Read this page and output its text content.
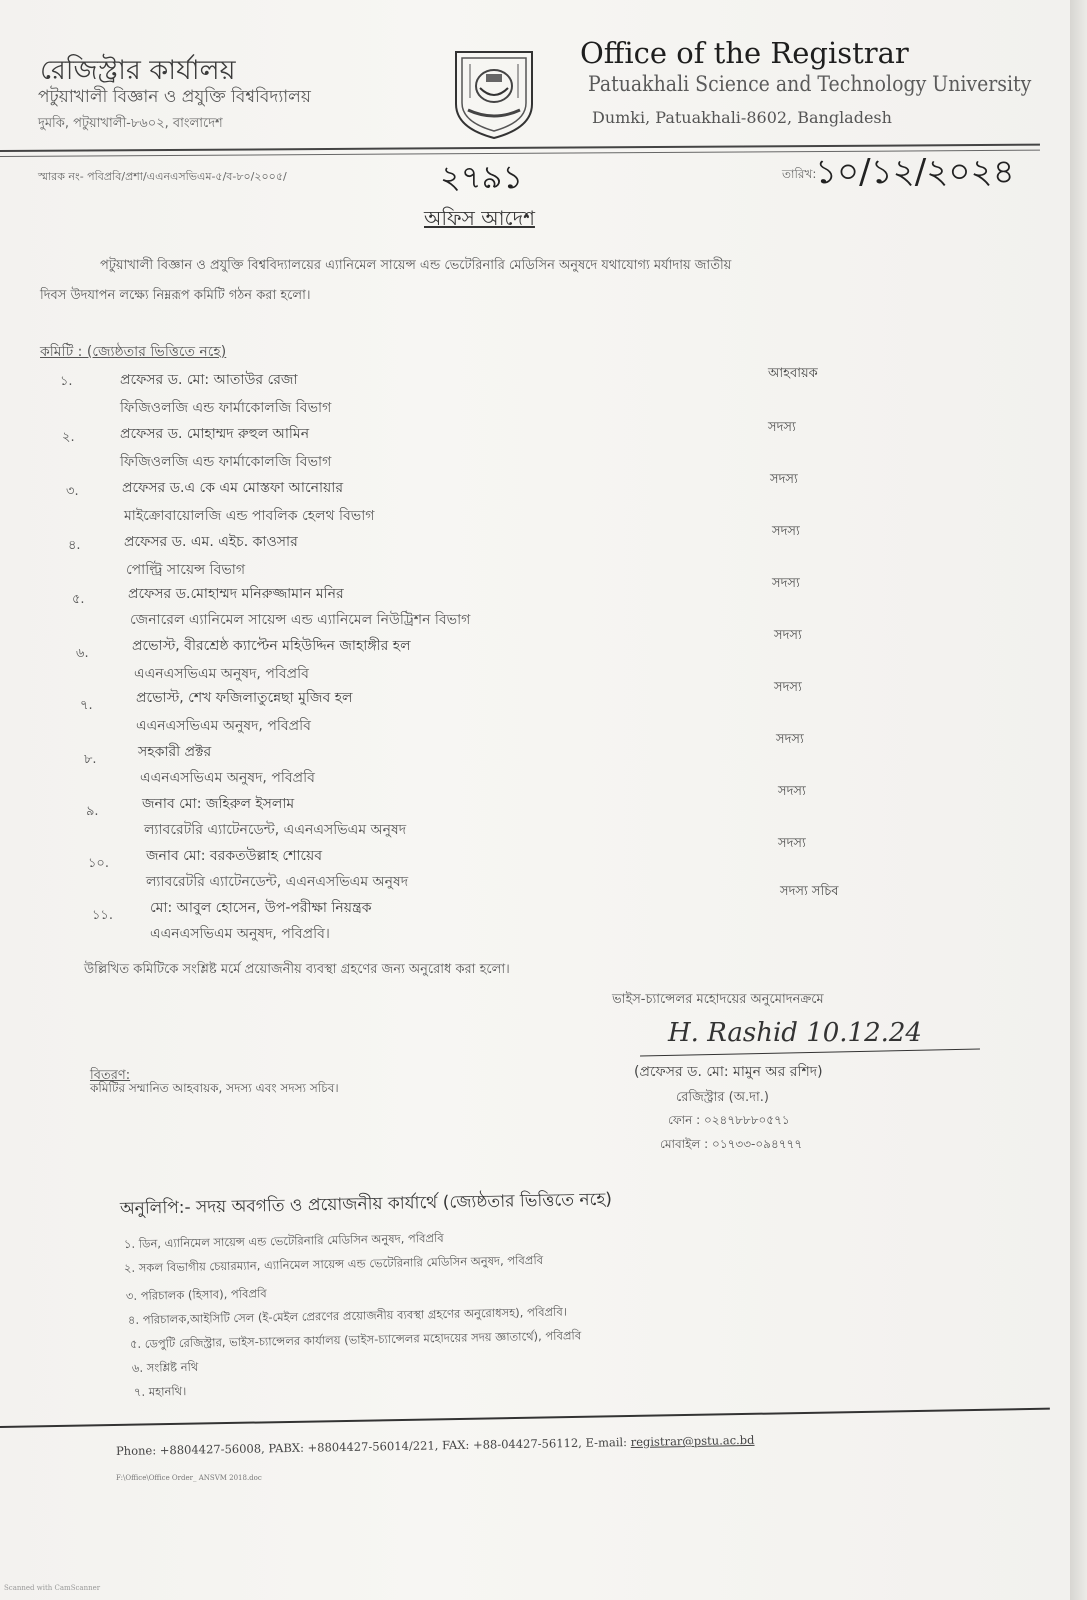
রেজিস্ট্রার কার্যালয়
পটুয়াখালী বিজ্ঞান ও প্রযুক্তি বিশ্ববিদ্যালয়
দুমকি, পটুয়াখালী-৮৬০২, বাংলাদেশ
Office of the Registrar
Patuakhali Science and Technology University
Dumki, Patuakhali-8602, Bangladesh
স্মারক নং- পবিপ্রবি/প্রশা/এএনএসভিএম-৫/ব-৮০/২০০৫/	২৭৯১	তারিখ:
১০/১২/২০২৪
অফিস আদেশ
পটুয়াখালী বিজ্ঞান ও প্রযুক্তি বিশ্ববিদ্যালয়ের এ্যানিমেল সায়েন্স এন্ড ভেটেরিনারি মেডিসিন অনুষদে যথাযোগ্য মর্যাদায় জাতীয়
দিবস উদযাপন লক্ষ্যে নিম্নরূপ কমিটি গঠন করা হলো।
কমিটি : (জ্যেষ্ঠতার ভিত্তিতে নহে)
১.	প্রফেসর ড. মো: আতাউর রেজা
ফিজিওলজি এন্ড ফার্মাকোলজি বিভাগ
আহবায়ক
২.	প্রফেসর ড. মোহাম্মদ রুহুল আমিন
ফিজিওলজি এন্ড ফার্মাকোলজি বিভাগ
সদস্য
৩.	প্রফেসর ড.এ কে এম মোস্তফা আনোয়ার
মাইক্রোবায়োলজি এন্ড পাবলিক হেলথ বিভাগ
সদস্য
৪.	প্রফেসর ড. এম. এইচ. কাওসার
পোল্ট্রি সায়েন্স বিভাগ
সদস্য
৫.	প্রফেসর ড.মোহাম্মদ মনিরুজ্জামান মনির
জেনারেল এ্যানিমেল সায়েন্স এন্ড এ্যানিমেল নিউট্রিশন বিভাগ
সদস্য
৬.	প্রভোস্ট, বীরশ্রেষ্ঠ ক্যাপ্টেন মহিউদ্দিন জাহাঙ্গীর হল
এএনএসভিএম অনুষদ, পবিপ্রবি
সদস্য
৭.	প্রভোস্ট, শেখ ফজিলাতুন্নেছা মুজিব হল
এএনএসভিএম অনুষদ, পবিপ্রবি
সদস্য
৮.	সহকারী প্রক্টর
এএনএসভিএম অনুষদ, পবিপ্রবি
সদস্য
৯.	জনাব মো: জহিরুল ইসলাম
ল্যাবরেটরি এ্যাটেনডেন্ট, এএনএসভিএম অনুষদ
সদস্য
১০.	জনাব মো: বরকতউল্লাহ শোয়েব
ল্যাবরেটরি এ্যাটেনডেন্ট, এএনএসভিএম অনুষদ
সদস্য
১১.	মো: আবুল হোসেন, উপ-পরীক্ষা নিয়ন্ত্রক
এএনএসভিএম অনুষদ, পবিপ্রবি।
সদস্য সচিব
উল্লিখিত কমিটিকে সংশ্লিষ্ট মর্মে প্রয়োজনীয় ব্যবস্থা গ্রহণের জন্য অনুরোধ করা হলো।
ভাইস-চ্যান্সেলর মহোদয়ের অনুমোদনক্রমে
H. Rashid 10.12.24
(প্রফেসর ড. মো: মামুন অর রশিদ)
রেজিস্ট্রার (অ.দা.)
ফোন : ০২৪৭৮৮৮০৫৭১
মোবাইল : ০১৭৩৩-০৯৪৭৭৭
বিতরণ:
কমিটির সম্মানিত আহবায়ক, সদস্য এবং সদস্য সচিব।
অনুলিপি:- সদয় অবগতি ও প্রয়োজনীয় কার্যার্থে (জ্যেষ্ঠতার ভিত্তিতে নহে)
১. ডিন, এ্যানিমেল সায়েন্স এন্ড ভেটেরিনারি মেডিসিন অনুষদ, পবিপ্রবি
২. সকল বিভাগীয় চেয়ারম্যান, এ্যানিমেল সায়েন্স এন্ড ভেটেরিনারি মেডিসিন অনুষদ, পবিপ্রবি
৩. পরিচালক (হিসাব), পবিপ্রবি
৪. পরিচালক,আইসিটি সেল (ই-মেইল প্রেরণের প্রয়োজনীয় ব্যবস্থা গ্রহণের অনুরোধসহ), পবিপ্রবি।
৫. ডেপুটি রেজিস্ট্রার, ভাইস-চ্যান্সেলর কার্যালয় (ভাইস-চ্যান্সেলর মহোদয়ের সদয় জ্ঞাতার্থে), পবিপ্রবি
৬. সংশ্লিষ্ট নথি
৭. মহানথি।
Phone: +8804427-56008, PABX: +8804427-56014/221, FAX: +88-04427-56112, E-mail: registrar@pstu.ac.bd
F:\Office\Office Order_ ANSVM 2018.doc
Scanned with CamScanner
